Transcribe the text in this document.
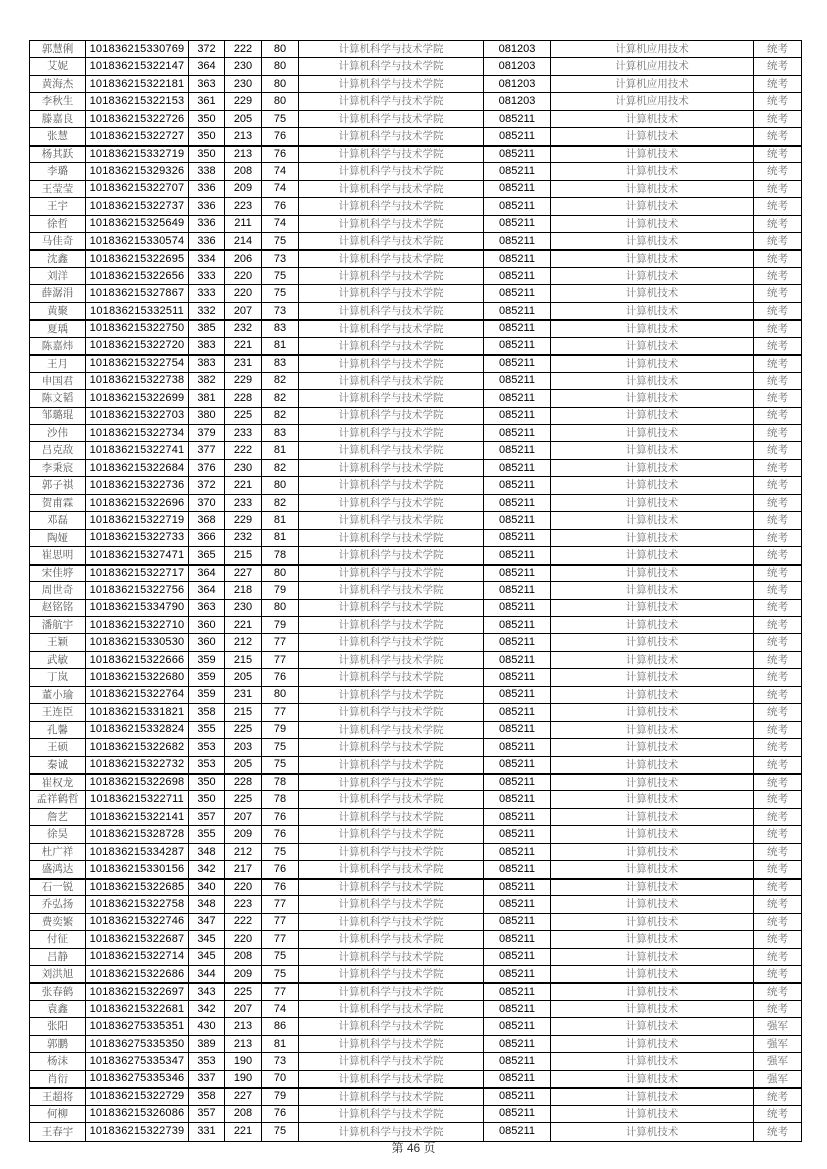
郭慧俐	101836215330769	372	222	80	计算机科学与技术学院	081203	计算机应用技术	统考
艾妮	101836215322147	364	230	80	计算机科学与技术学院	081203	计算机应用技术	统考
黄海杰	101836215322181	363	230	80	计算机科学与技术学院	081203	计算机应用技术	统考
李秋生	101836215322153	361	229	80	计算机科学与技术学院	081203	计算机应用技术	统考
滕嘉良	101836215322726	350	205	75	计算机科学与技术学院	085211	计算机技术	统考
张慧	101836215322727	350	213	76	计算机科学与技术学院	085211	计算机技术	统考
杨其跃	101836215332719	350	213	76	计算机科学与技术学院	085211	计算机技术	统考
李璐	101836215329326	338	208	74	计算机科学与技术学院	085211	计算机技术	统考
王莹莹	101836215322707	336	209	74	计算机科学与技术学院	085211	计算机技术	统考
王宇	101836215322737	336	223	76	计算机科学与技术学院	085211	计算机技术	统考
徐哲	101836215325649	336	211	74	计算机科学与技术学院	085211	计算机技术	统考
马佳奇	101836215330574	336	214	75	计算机科学与技术学院	085211	计算机技术	统考
沈鑫	101836215322695	334	206	73	计算机科学与技术学院	085211	计算机技术	统考
刘洋	101836215322656	333	220	75	计算机科学与技术学院	085211	计算机技术	统考
薛潺涓	101836215327867	333	220	75	计算机科学与技术学院	085211	计算机技术	统考
黄聚	101836215332511	332	207	73	计算机科学与技术学院	085211	计算机技术	统考
夏瑀	101836215322750	385	232	83	计算机科学与技术学院	085211	计算机技术	统考
陈嘉炜	101836215322720	383	221	81	计算机科学与技术学院	085211	计算机技术	统考
王月	101836215322754	383	231	83	计算机科学与技术学院	085211	计算机技术	统考
申国君	101836215322738	382	229	82	计算机科学与技术学院	085211	计算机技术	统考
陈文韬	101836215322699	381	228	82	计算机科学与技术学院	085211	计算机技术	统考
邹璐琨	101836215322703	380	225	82	计算机科学与技术学院	085211	计算机技术	统考
沙伟	101836215322734	379	233	83	计算机科学与技术学院	085211	计算机技术	统考
吕克敌	101836215322741	377	222	81	计算机科学与技术学院	085211	计算机技术	统考
李秉宸	101836215322684	376	230	82	计算机科学与技术学院	085211	计算机技术	统考
郭子祺	101836215322736	372	221	80	计算机科学与技术学院	085211	计算机技术	统考
贺甫霖	101836215322696	370	233	82	计算机科学与技术学院	085211	计算机技术	统考
邓磊	101836215322719	368	229	81	计算机科学与技术学院	085211	计算机技术	统考
陶娅	101836215322733	366	232	81	计算机科学与技术学院	085211	计算机技术	统考
崔思明	101836215327471	365	215	78	计算机科学与技术学院	085211	计算机技术	统考
宋佳垿	101836215322717	364	227	80	计算机科学与技术学院	085211	计算机技术	统考
周世奇	101836215322756	364	218	79	计算机科学与技术学院	085211	计算机技术	统考
赵铭铭	101836215334790	363	230	80	计算机科学与技术学院	085211	计算机技术	统考
潘航宇	101836215322710	360	221	79	计算机科学与技术学院	085211	计算机技术	统考
王颖	101836215330530	360	212	77	计算机科学与技术学院	085211	计算机技术	统考
武敏	101836215322666	359	215	77	计算机科学与技术学院	085211	计算机技术	统考
丁岚	101836215322680	359	205	76	计算机科学与技术学院	085211	计算机技术	统考
董小瑜	101836215322764	359	231	80	计算机科学与技术学院	085211	计算机技术	统考
王连臣	101836215331821	358	215	77	计算机科学与技术学院	085211	计算机技术	统考
孔馨	101836215332824	355	225	79	计算机科学与技术学院	085211	计算机技术	统考
王硕	101836215322682	353	203	75	计算机科学与技术学院	085211	计算机技术	统考
秦诚	101836215322732	353	205	75	计算机科学与技术学院	085211	计算机技术	统考
崔权龙	101836215322698	350	228	78	计算机科学与技术学院	085211	计算机技术	统考
孟祥鹤哲	101836215322711	350	225	78	计算机科学与技术学院	085211	计算机技术	统考
詹艺	101836215322141	357	207	76	计算机科学与技术学院	085211	计算机技术	统考
徐昊	101836215328728	355	209	76	计算机科学与技术学院	085211	计算机技术	统考
杜广祥	101836215334287	348	212	75	计算机科学与技术学院	085211	计算机技术	统考
盛鸿达	101836215330156	342	217	76	计算机科学与技术学院	085211	计算机技术	统考
石一锐	101836215322685	340	220	76	计算机科学与技术学院	085211	计算机技术	统考
乔弘扬	101836215322758	348	223	77	计算机科学与技术学院	085211	计算机技术	统考
费奕繁	101836215322746	347	222	77	计算机科学与技术学院	085211	计算机技术	统考
付征	101836215322687	345	220	77	计算机科学与技术学院	085211	计算机技术	统考
吕静	101836215322714	345	208	75	计算机科学与技术学院	085211	计算机技术	统考
刘洪旭	101836215322686	344	209	75	计算机科学与技术学院	085211	计算机技术	统考
张春鹤	101836215322697	343	225	77	计算机科学与技术学院	085211	计算机技术	统考
袁鑫	101836215322681	342	207	74	计算机科学与技术学院	085211	计算机技术	统考
张阳	101836275335351	430	213	86	计算机科学与技术学院	085211	计算机技术	强军
郭鹏	101836275335350	389	213	81	计算机科学与技术学院	085211	计算机技术	强军
杨沫	101836275335347	353	190	73	计算机科学与技术学院	085211	计算机技术	强军
肖衍	101836275335346	337	190	70	计算机科学与技术学院	085211	计算机技术	强军
王超将	101836215322729	358	227	79	计算机科学与技术学院	085211	计算机技术	统考
何柳	101836215326086	357	208	76	计算机科学与技术学院	085211	计算机技术	统考
王春宇	101836215322739	331	221	75	计算机科学与技术学院	085211	计算机技术	统考
第 46 页
